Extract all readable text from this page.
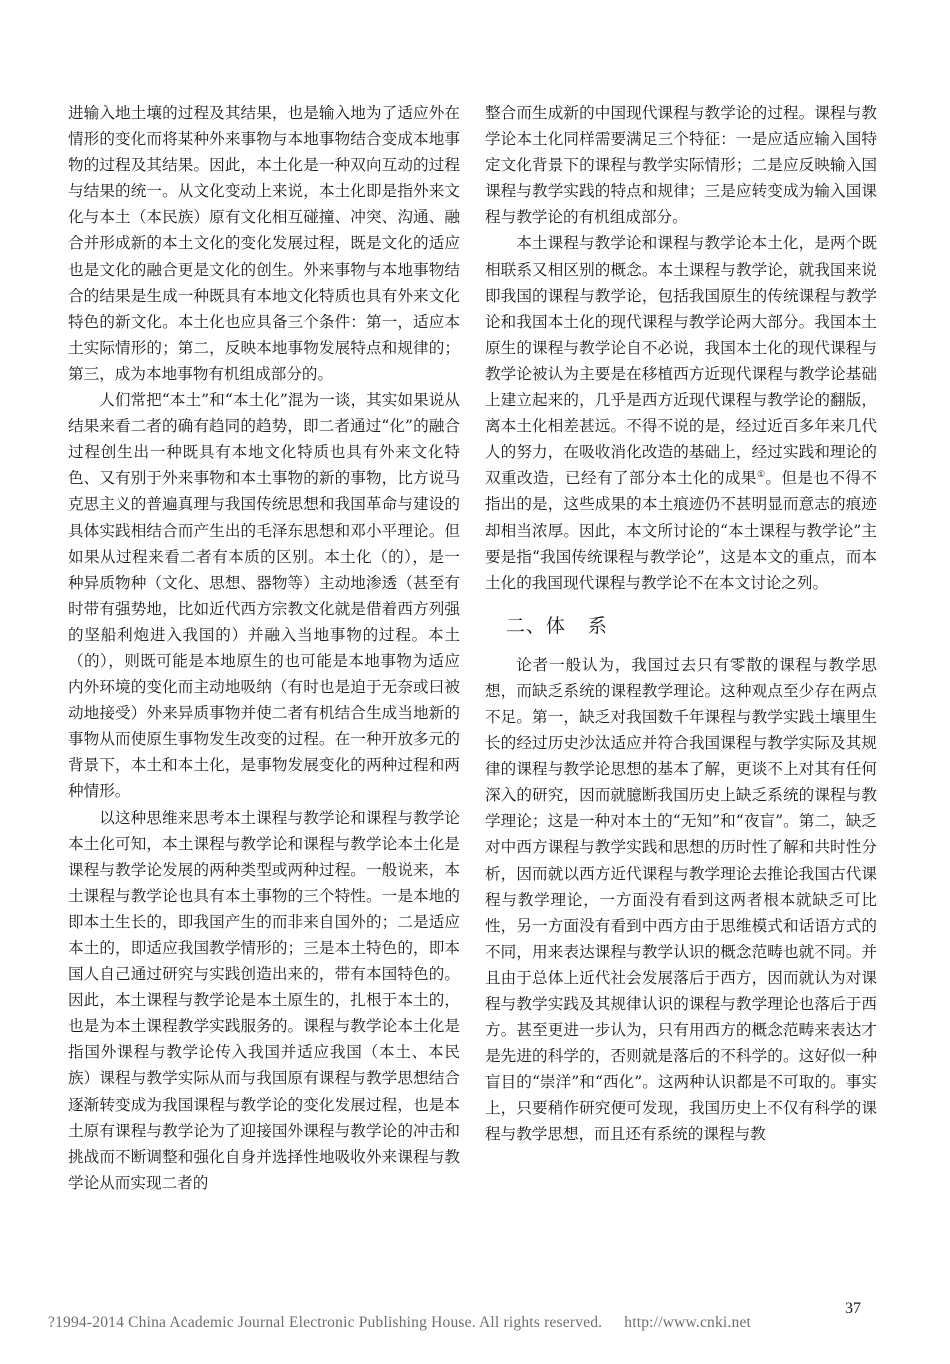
进输入地土壤的过程及其结果，也是输入地为了适应外在情形的变化而将某种外来事物与本地事物结合变成本地事物的过程及其结果。因此，本土化是一种双向互动的过程与结果的统一。从文化变动上来说，本土化即是指外来文化与本土（本民族）原有文化相互碰撞、冲突、沟通、融合并形成新的本土文化的变化发展过程，既是文化的适应也是文化的融合更是文化的创生。外来事物与本地事物结合的结果是生成一种既具有本地文化特质也具有外来文化特色的新文化。本土化也应具备三个条件：第一，适应本土实际情形的；第二，反映本地事物发展特点和规律的；第三，成为本地事物有机组成部分的。

人们常把“本土”和“本土化”混为一谈，其实如果说从结果来看二者的确有趋同的趋势，即二者通过“化”的融合过程创生出一种既具有本地文化特质也具有外来文化特色、又有别于外来事物和本土事物的新的事物，比方说马克思主义的普遍真理与我国传统思想和我国革命与建设的具体实践相结合而产生出的毛泽东思想和邓小平理论。但如果从过程来看二者有本质的区别。本土化（的），是一种异质物种（文化、思想、器物等）主动地渗透（甚至有时带有强势地，比如近代西方宗教文化就是借着西方列强的坚船利炮进入我国的）并融入当地事物的过程。本土（的），则既可能是本地原生的也可能是本地事物为适应内外环境的变化而主动地吸纳（有时也是迫于无奈或曰被动地接受）外来异质事物并使二者有机结合生成当地新的事物从而使原生事物发生改变的过程。在一种开放多元的背景下，本土和本土化，是事物发展变化的两种过程和两种情形。

以这种思维来思考本土课程与教学论和课程与教学论本土化可知，本土课程与教学论和课程与教学论本土化是课程与教学论发展的两种类型或两种过程。一般说来，本土课程与教学论也具有本土事物的三个特性。一是本地的即本土生长的，即我国产生的而非来自国外的；二是适应本土的，即适应我国教学情形的；三是本土特色的，即本国人自己通过研究与实践创造出来的，带有本国特色的。因此，本土课程与教学论是本土原生的，扎根于本土的，也是为本土课程教学实践服务的。课程与教学论本土化是指国外课程与教学论传入我国并适应我国（本土、本民族）课程与教学实际从而与我国原有课程与教学思想结合逐渐转变成为我国课程与教学论的变化发展过程，也是本土原有课程与教学论为了迎接国外课程与教学论的冲击和挑战而不断调整和强化自身并选择性地吸收外来课程与教学论从而实现二者的

整合而生成新的中国现代课程与教学论的过程。课程与教学论本土化同样需要满足三个特征：一是应适应输入国特定文化背景下的课程与教学实际情形；二是应反映输入国课程与教学实践的特点和规律；三是应转变成为输入国课程与教学论的有机组成部分。

本土课程与教学论和课程与教学论本土化，是两个既相联系又相区别的概念。本土课程与教学论，就我国来说即我国的课程与教学论，包括我国原生的传统课程与教学论和我国本土化的现代课程与教学论两大部分。我国本土原生的课程与教学论自不必说，我国本土化的现代课程与教学论被认为主要是在移植西方近现代课程与教学论基础上建立起来的，几乎是西方近现代课程与教学论的翻版，离本土化相差甚远。不得不说的是，经过近百多年来几代人的努力，在吸收消化改造的基础上，经过实践和理论的双重改造，已经有了部分本土化的成果①。但是也不得不指出的是，这些成果的本土痕迹仍不甚明显而意志的痕迹却相当浓厚。因此，本文所讨论的“本土课程与教学论”主要是指“我国传统课程与教学论”，这是本文的重点，而本土化的我国现代课程与教学论不在本文讨论之列。

二、体 系

论者一般认为，我国过去只有零散的课程与教学思想，而缺乏系统的课程教学理论。这种观点至少存在两点不足。第一，缺乏对我国数千年课程与教学实践土壤里生长的经过历史沙汰适应并符合我国课程与教学实际及其规律的课程与教学论思想的基本了解，更谈不上对其有任何深入的研究，因而就臆断我国历史上缺乏系统的课程与教学理论；这是一种对本土的“无知”和“夜盲”。第二，缺乏对中西方课程与教学实践和思想的历时性了解和共时性分析，因而就以西方近代课程与教学理论去推论我国古代课程与教学理论，一方面没有看到这两者根本就缺乏可比性，另一方面没有看到中西方由于思维模式和话语方式的不同，用来表达课程与教学认识的概念范畴也就不同。并且由于总体上近代社会发展落后于西方，因而就认为对课程与教学实践及其规律认识的课程与教学理论也落后于西方。甚至更进一步认为，只有用西方的概念范畴来表达才是先进的科学的，否则就是落后的不科学的。这好似一种盲目的“崇洋”和“西化”。这两种认识都是不可取的。事实上，只要稍作研究便可发现，我国历史上不仅有科学的课程与教学思想，而且还有系统的课程与教

37
?1994-2014 China Academic Journal Electronic Publishing House. All rights reserved. http://www.cnki.net
